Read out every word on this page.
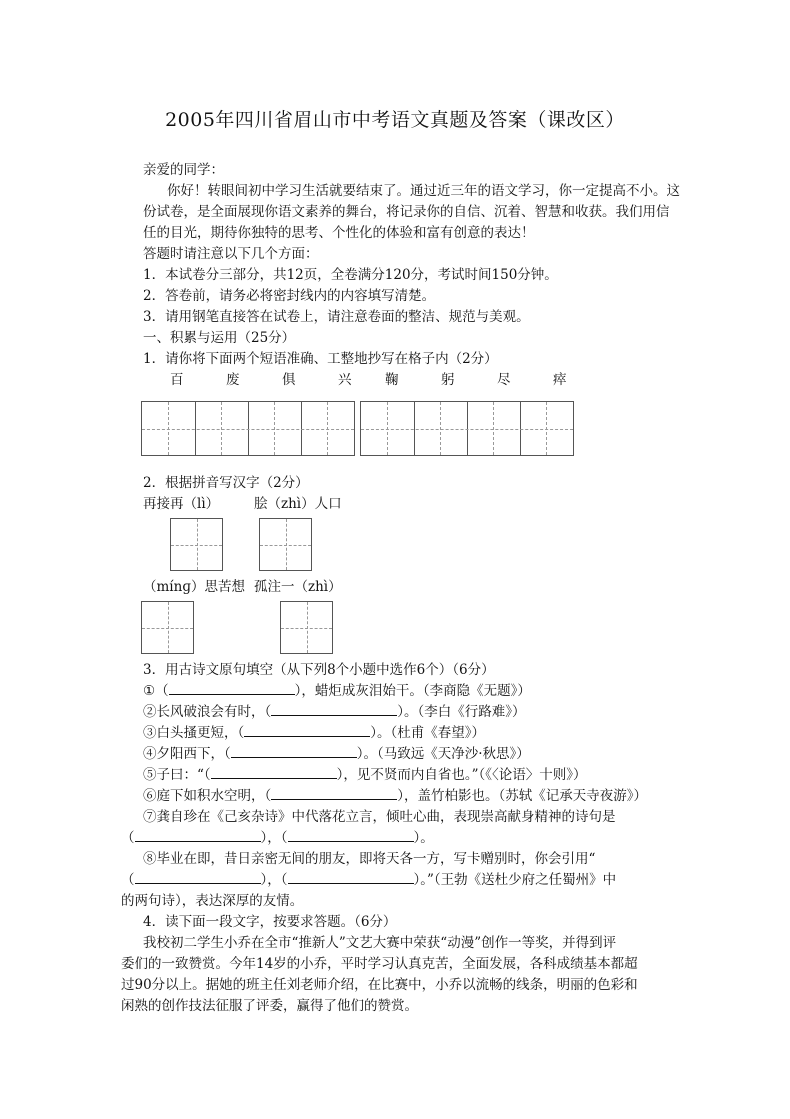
2005年四川省眉山市中考语文真题及答案（课改区）
亲爱的同学：
你好！转眼间初中学习生活就要结束了。通过近三年的语文学习，你一定提高不小。这
份试卷，是全面展现你语文素养的舞台，将记录你的自信、沉着、智慧和收获。我们用信
任的目光，期待你独特的思考、个性化的体验和富有创意的表达！
答题时请注意以下几个方面：
1．本试卷分三部分，共12页，全卷满分120分，考试时间150分钟。
2．答卷前，请务必将密封线内的内容填写清楚。
3．请用钢笔直接答在试卷上，请注意卷面的整洁、规范与美观。
一、积累与运用（25分）
1．请你将下面两个短语准确、工整地抄写在格子内（2分）
百	废	俱	兴	鞠	躬	尽	瘁
2．根据拼音写汉字（2分）
再接再（lì）	脍（zhì）人口
（mínɡ）思苦想 孤注一（zhì）
3．用古诗文原句填空（从下列8个小题中选作6个）（6分）
①（	），蜡炬成灰泪始干。（李商隐《无题》）
②长风破浪会有时，（	）。（李白《行路难》）
③白头搔更短，（	）。（杜甫《春望》）
④夕阳西下，（	）。（马致远《天净沙·秋思》）
⑤子曰：“（	），见不贤而内自省也。”（《〈论语〉十则》）
⑥庭下如积水空明，（	），盖竹柏影也。（苏轼《记承天寺夜游》）
⑦龚自珍在《己亥杂诗》中代落花立言，倾吐心曲，表现崇高献身精神的诗句是
（	），（	）。
⑧毕业在即，昔日亲密无间的朋友，即将天各一方，写卡赠别时，你会引用“
（	），（	）。”（王勃《送杜少府之任蜀州》中
的两句诗），表达深厚的友情。
4．读下面一段文字，按要求答题。（6分）
我校初二学生小乔在全市“推新人”文艺大赛中荣获“动漫”创作一等奖，并得到评
委们的一致赞赏。今年14岁的小乔，平时学习认真克苦，全面发展，各科成绩基本都超
过90分以上。据她的班主任刘老师介绍，在比赛中，小乔以流畅的线条，明丽的色彩和
闲熟的创作技法征服了评委，赢得了他们的赞赏。
